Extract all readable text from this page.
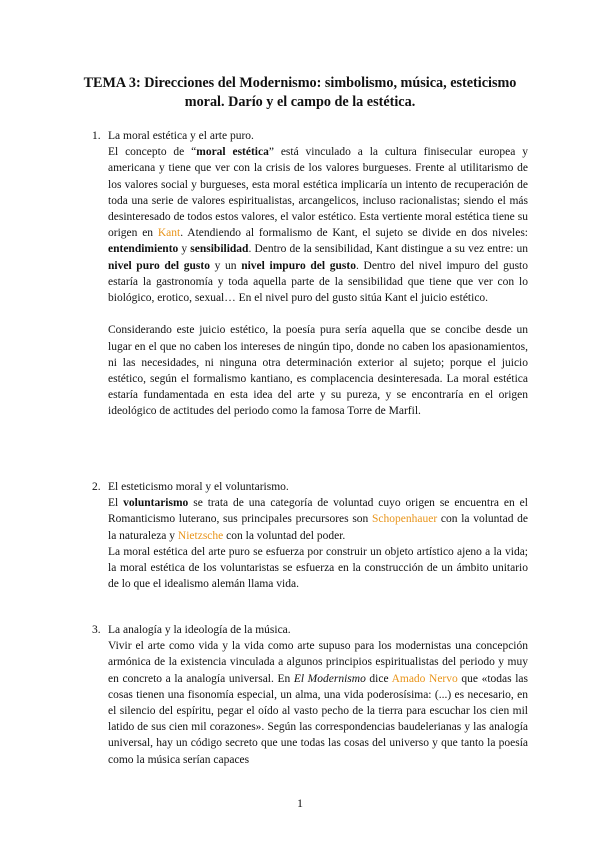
TEMA 3: Direcciones del Modernismo: simbolismo, música, esteticismo moral. Darío y el campo de la estética.
1. La moral estética y el arte puro.

El concepto de “moral estética” está vinculado a la cultura finisecular europea y americana y tiene que ver con la crisis de los valores burgueses. Frente al utilitarismo de los valores social y burgueses, esta moral estética implicaría un intento de recuperación de toda una serie de valores espiritualistas, arcangelicos, incluso racionalistas; siendo el más desinteresado de todos estos valores, el valor estético. Esta vertiente moral estética tiene su origen en Kant. Atendiendo al formalismo de Kant, el sujeto se divide en dos niveles: entendimiento y sensibilidad. Dentro de la sensibilidad, Kant distingue a su vez entre: un nivel puro del gusto y un nivel impuro del gusto. Dentro del nivel impuro del gusto estaría la gastronomía y toda aquella parte de la sensibilidad que tiene que ver con lo biológico, erotico, sexual… En el nivel puro del gusto sitúa Kant el juicio estético.

Considerando este juicio estético, la poesía pura sería aquella que se concibe desde un lugar en el que no caben los intereses de ningún tipo, donde no caben los apasionamientos, ni las necesidades, ni ninguna otra determinación exterior al sujeto; porque el juicio estético, según el formalismo kantiano, es complacencia desinteresada. La moral estética estaría fundamentada en esta idea del arte y su pureza, y se encontraría en el origen ideológico de actitudes del periodo como la famosa Torre de Marfil.

2. El esteticismo moral y el voluntarismo.

El voluntarismo se trata de una categoría de voluntad cuyo origen se encuentra en el Romanticismo luterano, sus principales precursores son Schopenhauer con la voluntad de la naturaleza y Nietzsche con la voluntad del poder.

La moral estética del arte puro se esfuerza por construir un objeto artístico ajeno a la vida; la moral estética de los voluntaristas se esfuerza en la construcción de un ámbito unitario de lo que el idealismo alemán llama vida.

3. La analogía y la ideología de la música.

Vivir el arte como vida y la vida como arte supuso para los modernistas una concepción armónica de la existencia vinculada a algunos principios espiritualistas del periodo y muy en concreto a la analogía universal. En El Modernismo dice Amado Nervo que «todas las cosas tienen una fisonomía especial, un alma, una vida poderosísima: (...) es necesario, en el silencio del espíritu, pegar el oído al vasto pecho de la tierra para escuchar los cien mil latido de sus cien mil corazones». Según las correspondencias baudelerianas y las analogía universal, hay un código secreto que une todas las cosas del universo y que tanto la poesía como la música serían capaces

1
